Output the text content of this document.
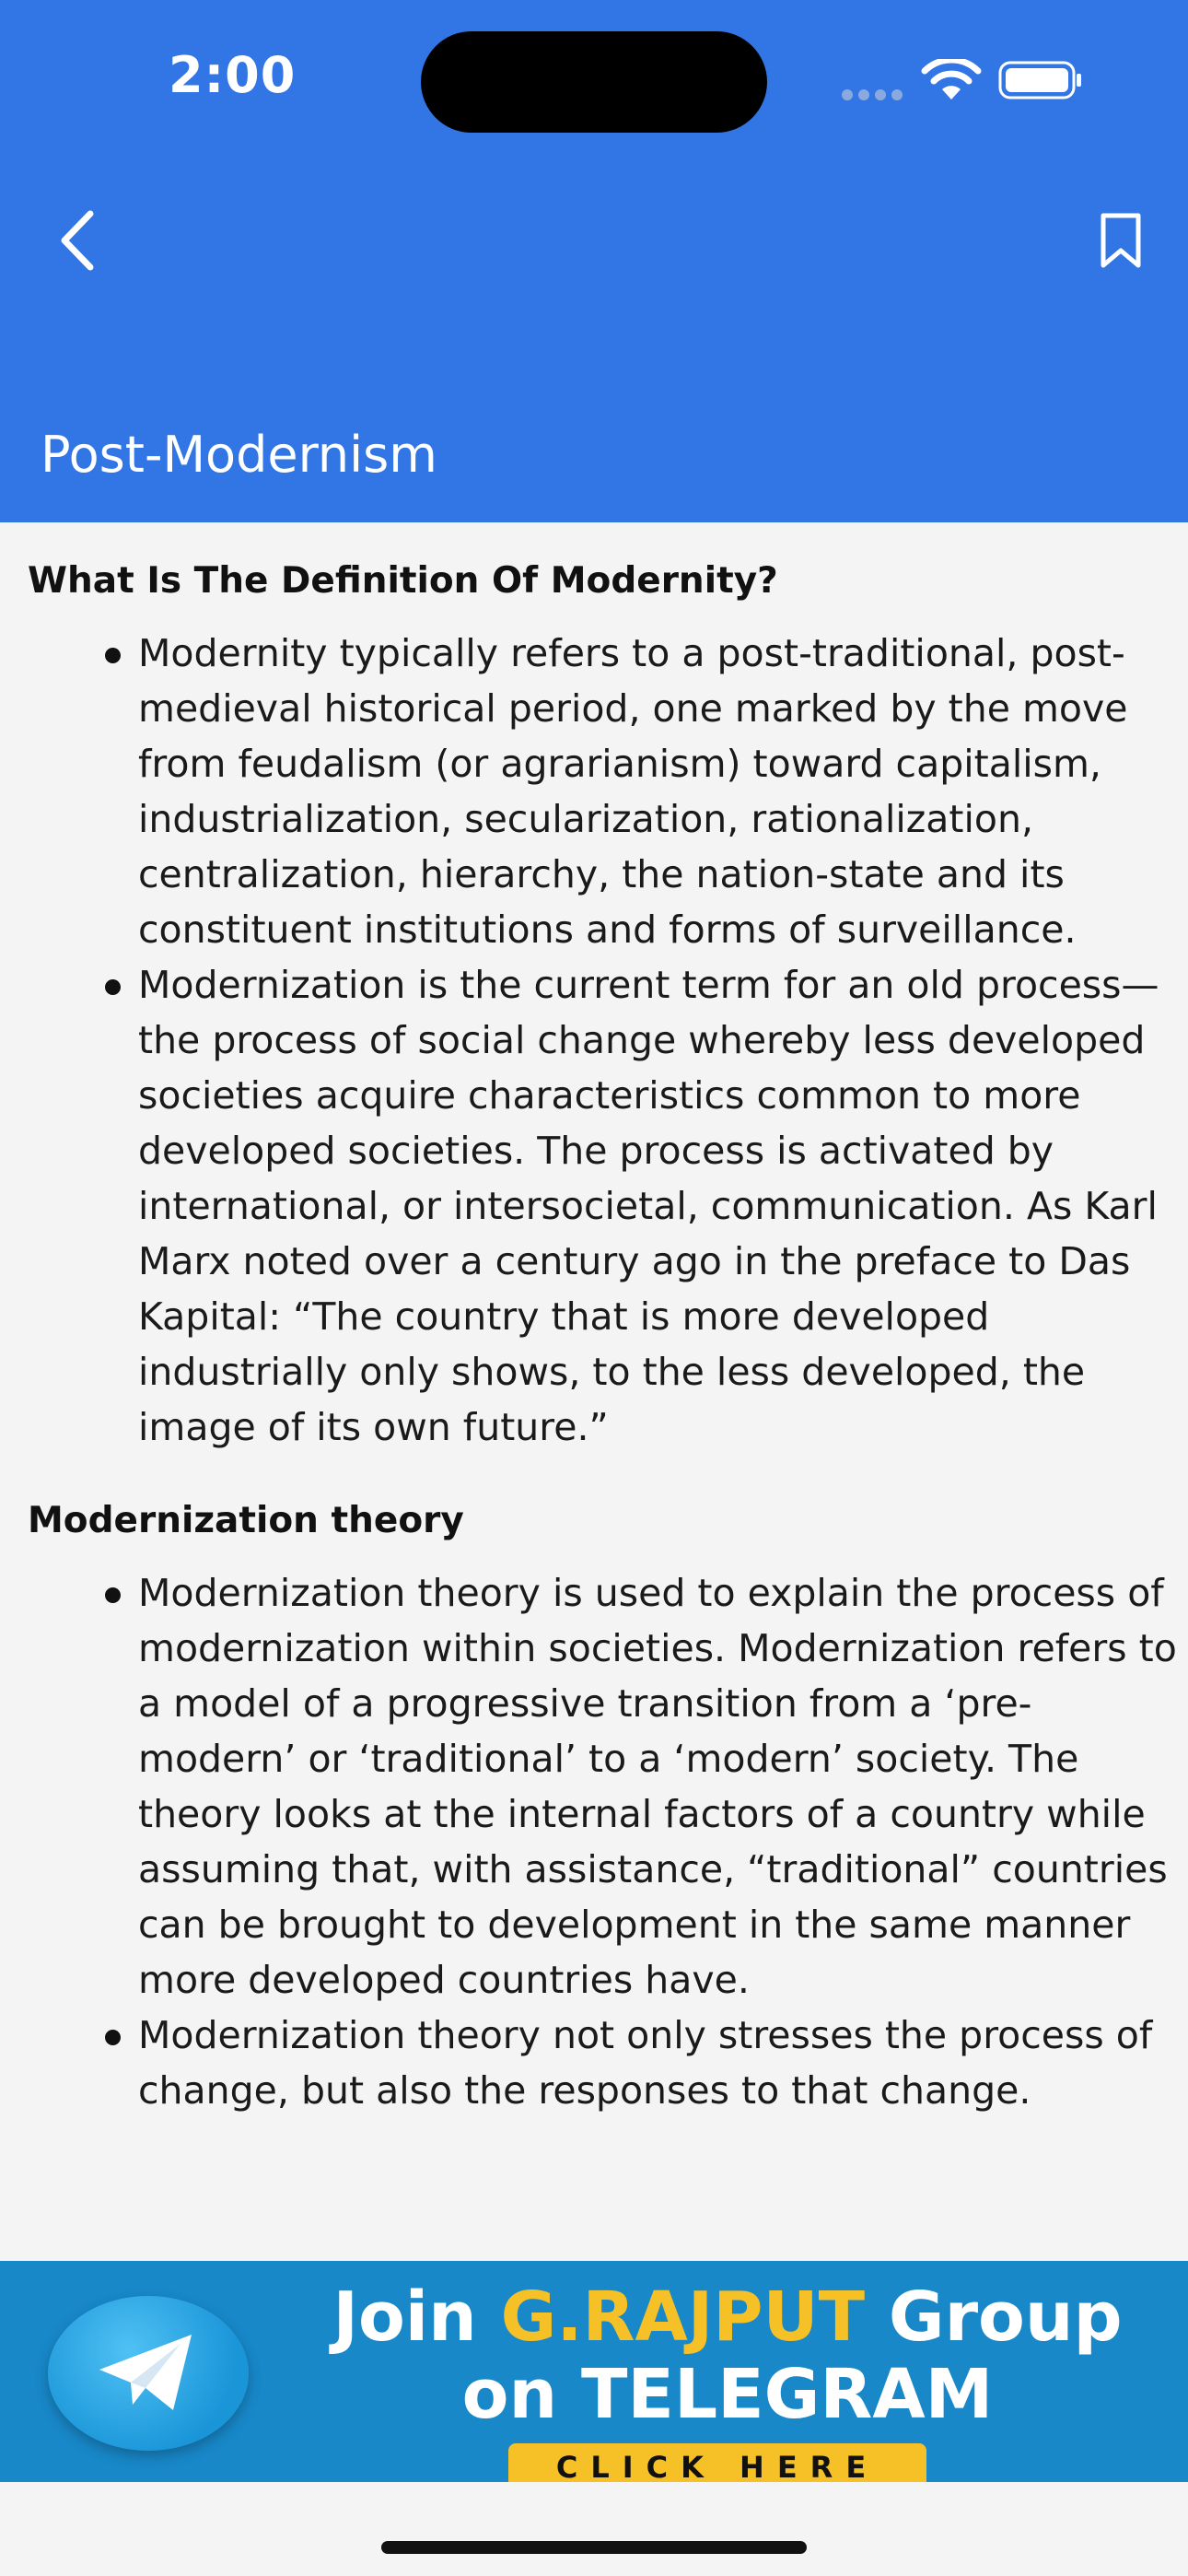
2:00
Post-Modernism
What Is The Definition Of Modernity?
Modernity typically refers to a post-traditional, post-medieval historical period, one marked by the move from feudalism (or agrarianism) toward capitalism, industrialization, secularization, rationalization, centralization, hierarchy, the nation-state and its constituent institutions and forms of surveillance.
Modernization is the current term for an old process—the process of social change whereby less developed societies acquire characteristics common to more developed societies. The process is activated by international, or intersocietal, communication. As Karl Marx noted over a century ago in the preface to Das Kapital: “The country that is more developed industrially only shows, to the less developed, the image of its own future.”
Modernization theory
Modernization theory is used to explain the process of modernization within societies. Modernization refers to a model of a progressive transition from a ‘pre-modern’ or ‘traditional’ to a ‘modern’ society. The theory looks at the internal factors of a country while assuming that, with assistance, “traditional” countries can be brought to development in the same manner more developed countries have.
Modernization theory not only stresses the process of change, but also the responses to that change.
Join G.RAJPUT Group
on TELEGRAM
CLICK HERE
